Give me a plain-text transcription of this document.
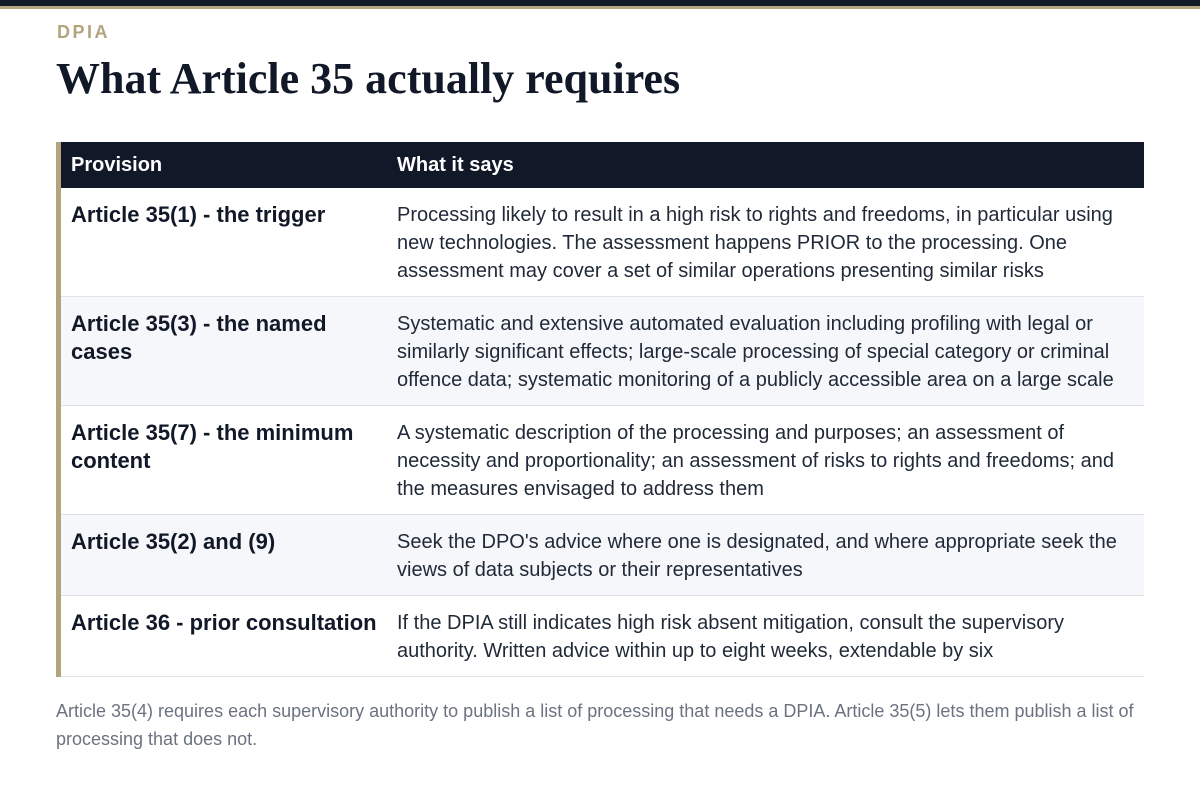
DPIA
What Article 35 actually requires
Provision	What it says
Article 35(1) - the trigger	Processing likely to result in a high risk to rights and freedoms, in particular using new technologies. The assessment happens PRIOR to the processing. One assessment may cover a set of similar operations presenting similar risks
Article 35(3) - the named cases	Systematic and extensive automated evaluation including profiling with legal or similarly significant effects; large-scale processing of special category or criminal offence data; systematic monitoring of a publicly accessible area on a large scale
Article 35(7) - the minimum content	A systematic description of the processing and purposes; an assessment of necessity and proportionality; an assessment of risks to rights and freedoms; and the measures envisaged to address them
Article 35(2) and (9)	Seek the DPO's advice where one is designated, and where appropriate seek the views of data subjects or their representatives
Article 36 - prior consultation	If the DPIA still indicates high risk absent mitigation, consult the supervisory authority. Written advice within up to eight weeks, extendable by six
Article 35(4) requires each supervisory authority to publish a list of processing that needs a DPIA. Article 35(5) lets them publish a list of processing that does not.
